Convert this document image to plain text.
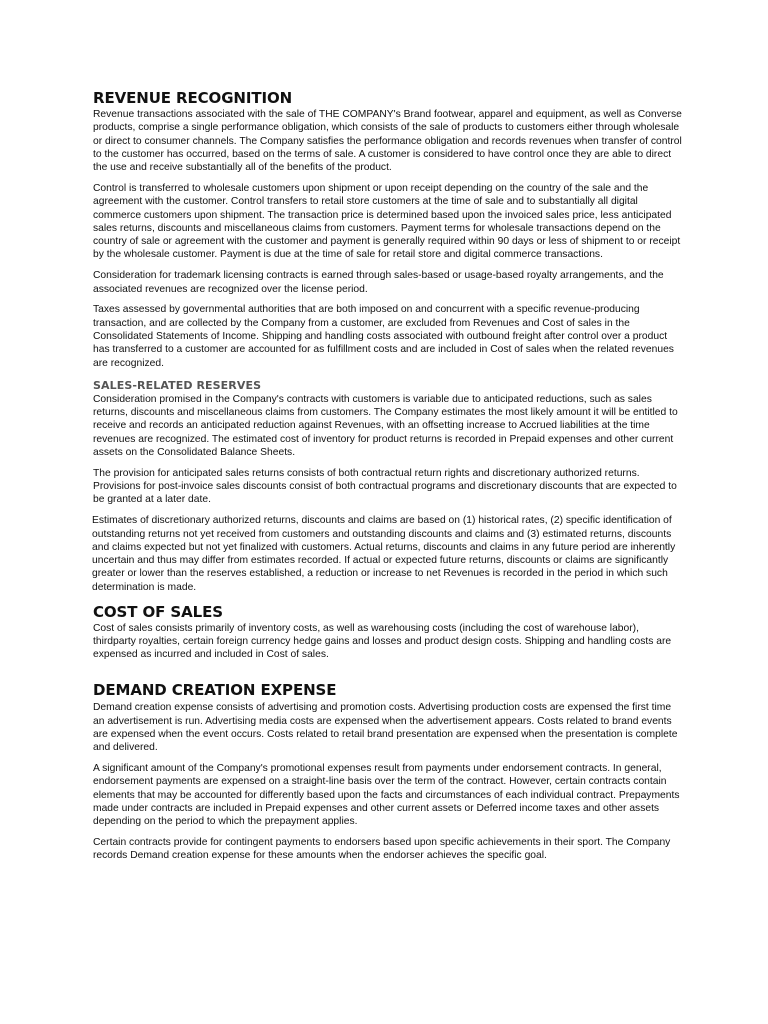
REVENUE RECOGNITION

Revenue transactions associated with the sale of THE COMPANY's Brand footwear, apparel and equipment, as well as Converse products, comprise a single performance obligation, which consists of the sale of products to customers either through wholesale or direct to consumer channels. The Company satisfies the performance obligation and records revenues when transfer of control to the customer has occurred, based on the terms of sale. A customer is considered to have control once they are able to direct the use and receive substantially all of the benefits of the product.

Control is transferred to wholesale customers upon shipment or upon receipt depending on the country of the sale and the agreement with the customer. Control transfers to retail store customers at the time of sale and to substantially all digital commerce customers upon shipment. The transaction price is determined based upon the invoiced sales price, less anticipated sales returns, discounts and miscellaneous claims from customers. Payment terms for wholesale transactions depend on the country of sale or agreement with the customer and payment is generally required within 90 days or less of shipment to or receipt by the wholesale customer. Payment is due at the time of sale for retail store and digital commerce transactions.

Consideration for trademark licensing contracts is earned through sales-based or usage-based royalty arrangements, and the associated revenues are recognized over the license period.

Taxes assessed by governmental authorities that are both imposed on and concurrent with a specific revenue-producing transaction, and are collected by the Company from a customer, are excluded from Revenues and Cost of sales in the Consolidated Statements of Income. Shipping and handling costs associated with outbound freight after control over a product has transferred to a customer are accounted for as fulfillment costs and are included in Cost of sales when the related revenues are recognized.

SALES-RELATED RESERVES

Consideration promised in the Company's contracts with customers is variable due to anticipated reductions, such as sales returns, discounts and miscellaneous claims from customers. The Company estimates the most likely amount it will be entitled to receive and records an anticipated reduction against Revenues, with an offsetting increase to Accrued liabilities at the time revenues are recognized. The estimated cost of inventory for product returns is recorded in Prepaid expenses and other current assets on the Consolidated Balance Sheets.

The provision for anticipated sales returns consists of both contractual return rights and discretionary authorized returns. Provisions for post-invoice sales discounts consist of both contractual programs and discretionary discounts that are expected to be granted at a later date.

Estimates of discretionary authorized returns, discounts and claims are based on (1) historical rates, (2) specific identification of outstanding returns not yet received from customers and outstanding discounts and claims and (3) estimated returns, discounts and claims expected but not yet finalized with customers. Actual returns, discounts and claims in any future period are inherently uncertain and thus may differ from estimates recorded. If actual or expected future returns, discounts or claims are significantly greater or lower than the reserves established, a reduction or increase to net Revenues is recorded in the period in which such determination is made.

COST OF SALES

Cost of sales consists primarily of inventory costs, as well as warehousing costs (including the cost of warehouse labor), thirdparty royalties, certain foreign currency hedge gains and losses and product design costs. Shipping and handling costs are expensed as incurred and included in Cost of sales.

DEMAND CREATION EXPENSE

Demand creation expense consists of advertising and promotion costs. Advertising production costs are expensed the first time an advertisement is run. Advertising media costs are expensed when the advertisement appears. Costs related to brand events are expensed when the event occurs. Costs related to retail brand presentation are expensed when the presentation is complete and delivered.

A significant amount of the Company's promotional expenses result from payments under endorsement contracts. In general, endorsement payments are expensed on a straight-line basis over the term of the contract. However, certain contracts contain elements that may be accounted for differently based upon the facts and circumstances of each individual contract. Prepayments made under contracts are included in Prepaid expenses and other current assets or Deferred income taxes and other assets depending on the period to which the prepayment applies.

Certain contracts provide for contingent payments to endorsers based upon specific achievements in their sport. The Company records Demand creation expense for these amounts when the endorser achieves the specific goal.
